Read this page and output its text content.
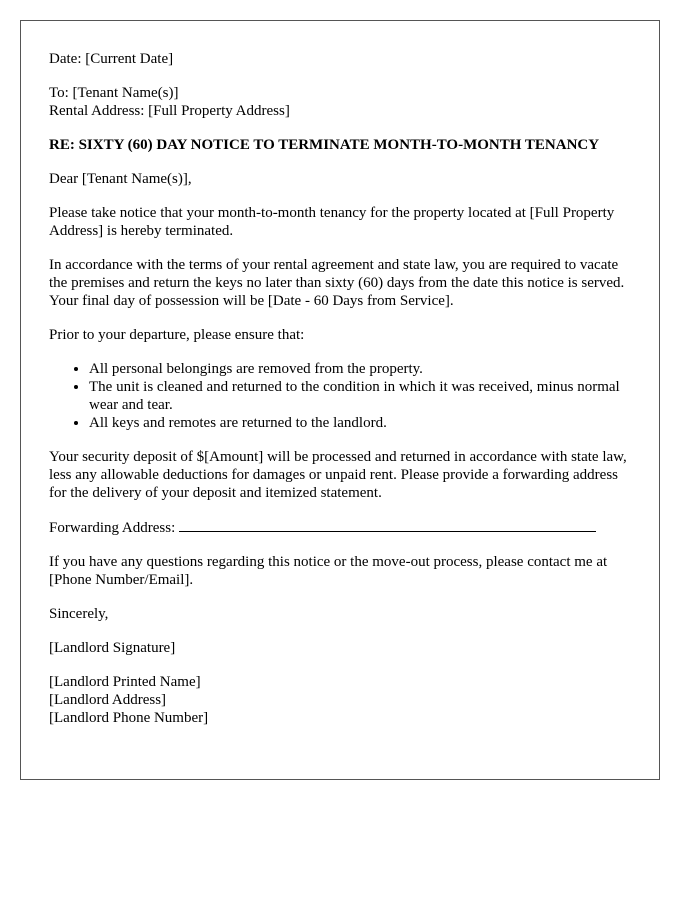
Date: [Current Date]

To: [Tenant Name(s)]
Rental Address: [Full Property Address]

RE: SIXTY (60) DAY NOTICE TO TERMINATE MONTH-TO-MONTH TENANCY

Dear [Tenant Name(s)],

Please take notice that your month-to-month tenancy for the property located at [Full Property Address] is hereby terminated.

In accordance with the terms of your rental agreement and state law, you are required to vacate the premises and return the keys no later than sixty (60) days from the date this notice is served. Your final day of possession will be [Date - 60 Days from Service].

Prior to your departure, please ensure that:

• All personal belongings are removed from the property.
• The unit is cleaned and returned to the condition in which it was received, minus normal wear and tear.
• All keys and remotes are returned to the landlord.

Your security deposit of $[Amount] will be processed and returned in accordance with state law, less any allowable deductions for damages or unpaid rent. Please provide a forwarding address for the delivery of your deposit and itemized statement.

Forwarding Address:

If you have any questions regarding this notice or the move-out process, please contact me at [Phone Number/Email].

Sincerely,

[Landlord Signature]

[Landlord Printed Name]
[Landlord Address]
[Landlord Phone Number]
